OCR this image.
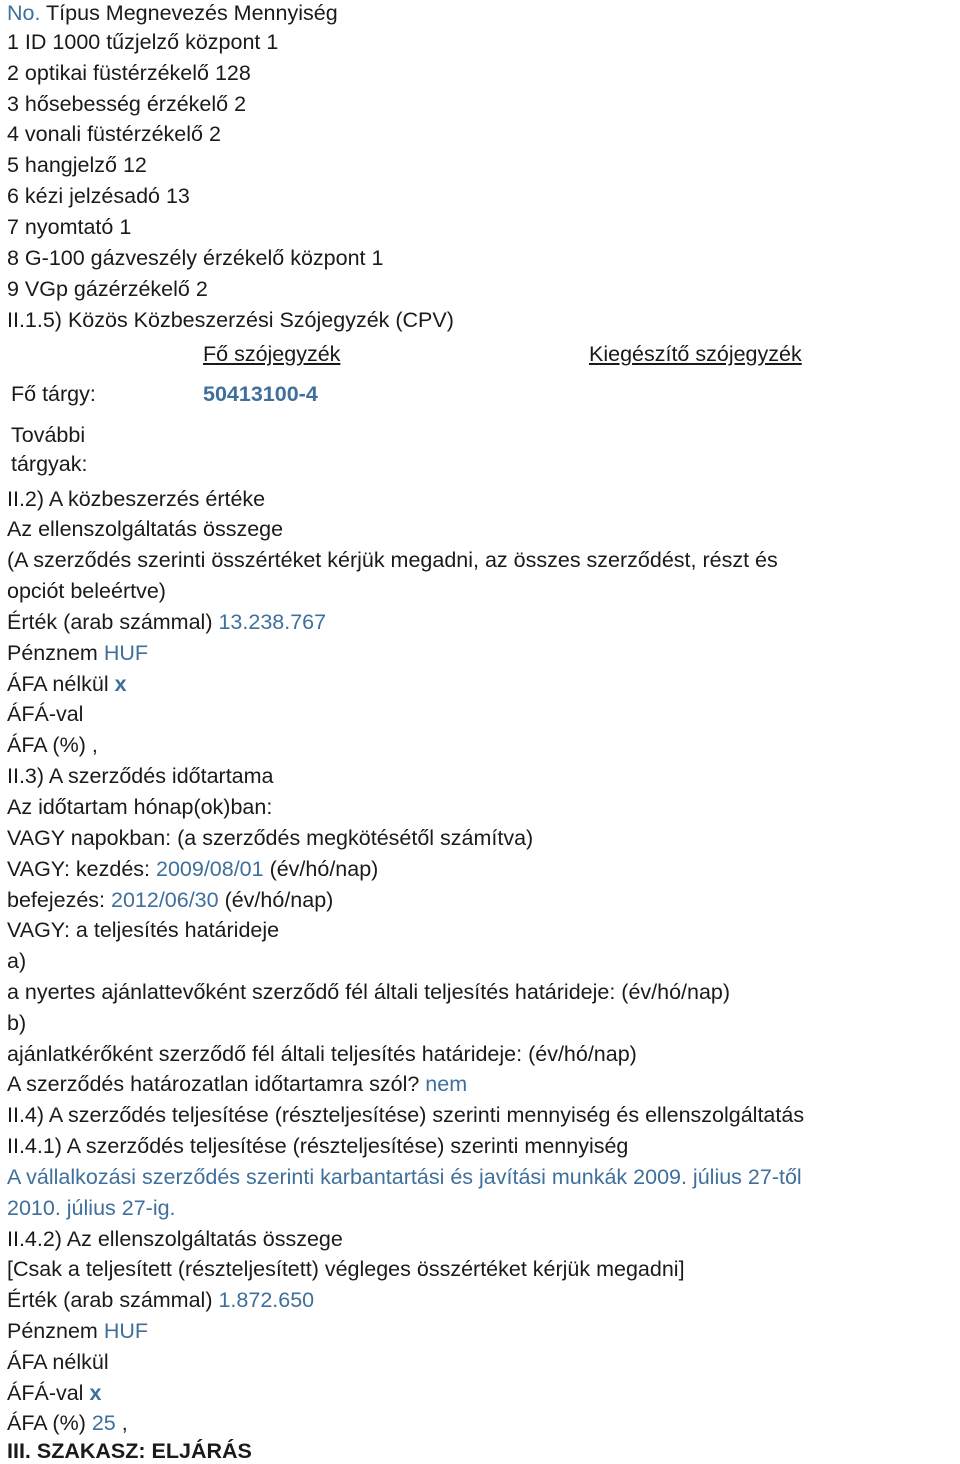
No. Típus Megnevezés Mennyiség
1 ID 1000 tűzjelző központ 1
2 optikai füstérzékelő 128
3 hősebesség érzékelő 2
4 vonali füstérzékelő 2
5 hangjelző 12
6 kézi jelzésadó 13
7 nyomtató 1
8 G-100 gázveszély érzékelő központ 1
9 VGp gázérzékelő 2
II.1.5) Közös Közbeszerzési Szójegyzék (CPV)
Fő szójegyzék	Kiegészítő szójegyzék
Fő tárgy:	50413100-4
További
tárgyak:
II.2) A közbeszerzés értéke
Az ellenszolgáltatás összege
(A szerződés szerinti összértéket kérjük megadni, az összes szerződést, részt és
opciót beleértve)
Érték (arab számmal) 13.238.767
Pénznem HUF
ÁFA nélkül x
ÁFÁ-val
ÁFA (%) ,
II.3) A szerződés időtartama
Az időtartam hónap(ok)ban:
VAGY napokban: (a szerződés megkötésétől számítva)
VAGY: kezdés: 2009/08/01 (év/hó/nap)
befejezés: 2012/06/30 (év/hó/nap)
VAGY: a teljesítés határideje
a)
a nyertes ajánlattevőként szerződő fél általi teljesítés határideje: (év/hó/nap)
b)
ajánlatkérőként szerződő fél általi teljesítés határideje: (év/hó/nap)
A szerződés határozatlan időtartamra szól? nem
II.4) A szerződés teljesítése (részteljesítése) szerinti mennyiség és ellenszolgáltatás
II.4.1) A szerződés teljesítése (részteljesítése) szerinti mennyiség
A vállalkozási szerződés szerinti karbantartási és javítási munkák 2009. július 27-től
2010. július 27-ig.
II.4.2) Az ellenszolgáltatás összege
[Csak a teljesített (részteljesített) végleges összértéket kérjük megadni]
Érték (arab számmal) 1.872.650
Pénznem HUF
ÁFA nélkül
ÁFÁ-val x
ÁFA (%) 25 ,
III. SZAKASZ: ELJÁRÁS
